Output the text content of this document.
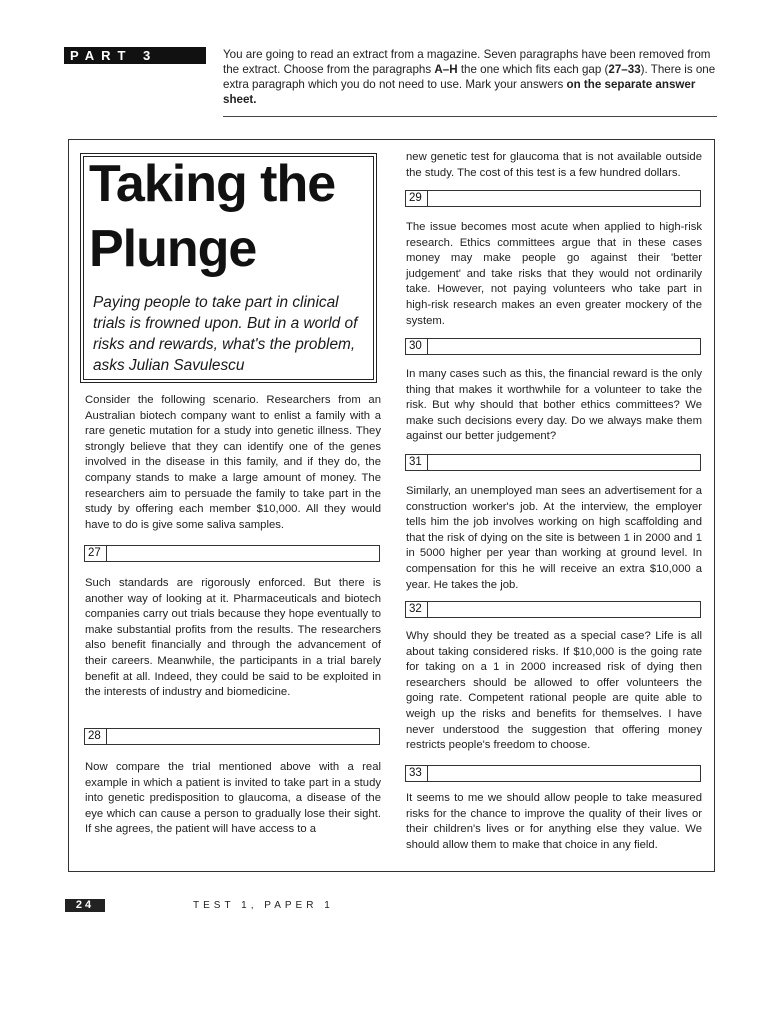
PART 3	You are going to read an extract from a magazine. Seven paragraphs have been removed from the extract. Choose from the paragraphs A–H the one which fits each gap (27–33). There is one extra paragraph which you do not need to use. Mark your answers on the separate answer sheet.
Taking the Plunge
Paying people to take part in clinical trials is frowned upon. But in a world of risks and rewards, what's the problem, asks Julian Savulescu
Consider the following scenario. Researchers from an Australian biotech company want to enlist a family with a rare genetic mutation for a study into genetic illness. They strongly believe that they can identify one of the genes involved in the disease in this family, and if they do, the company stands to make a large amount of money. The researchers aim to persuade the family to take part in the study by offering each member $10,000. All they would have to do is give some saliva samples.
27
Such standards are rigorously enforced. But there is another way of looking at it. Pharmaceuticals and biotech companies carry out trials because they hope eventually to make substantial profits from the results. The researchers also benefit financially and through the advancement of their careers. Meanwhile, the participants in a trial barely benefit at all. Indeed, they could be said to be exploited in the interests of industry and biomedicine.
28
Now compare the trial mentioned above with a real example in which a patient is invited to take part in a study into genetic predisposition to glaucoma, a disease of the eye which can cause a person to gradually lose their sight. If she agrees, the patient will have access to a
new genetic test for glaucoma that is not available outside the study. The cost of this test is a few hundred dollars.
29
The issue becomes most acute when applied to high-risk research. Ethics committees argue that in these cases money may make people go against their 'better judgement' and take risks that they would not ordinarily take. However, not paying volunteers who take part in high-risk research makes an even greater mockery of the system.
30
In many cases such as this, the financial reward is the only thing that makes it worthwhile for a volunteer to take the risk. But why should that bother ethics committees? We make such decisions every day. Do we always make them against our better judgement?
31
Similarly, an unemployed man sees an advertisement for a construction worker's job. At the interview, the employer tells him the job involves working on high scaffolding and that the risk of dying on the site is between 1 in 2000 and 1 in 5000 higher per year than working at ground level. In compensation for this he will receive an extra $10,000 a year. He takes the job.
32
Why should they be treated as a special case? Life is all about taking considered risks. If $10,000 is the going rate for taking on a 1 in 2000 increased risk of dying then researchers should be allowed to offer volunteers the going rate. Competent rational people are quite able to weigh up the risks and benefits for themselves. I have never understood the suggestion that offering money restricts people's freedom to choose.
33
It seems to me we should allow people to take measured risks for the chance to improve the quality of their lives or their children's lives or for anything else they value. We should allow them to make that choice in any field.
24	TEST 1, PAPER 1
